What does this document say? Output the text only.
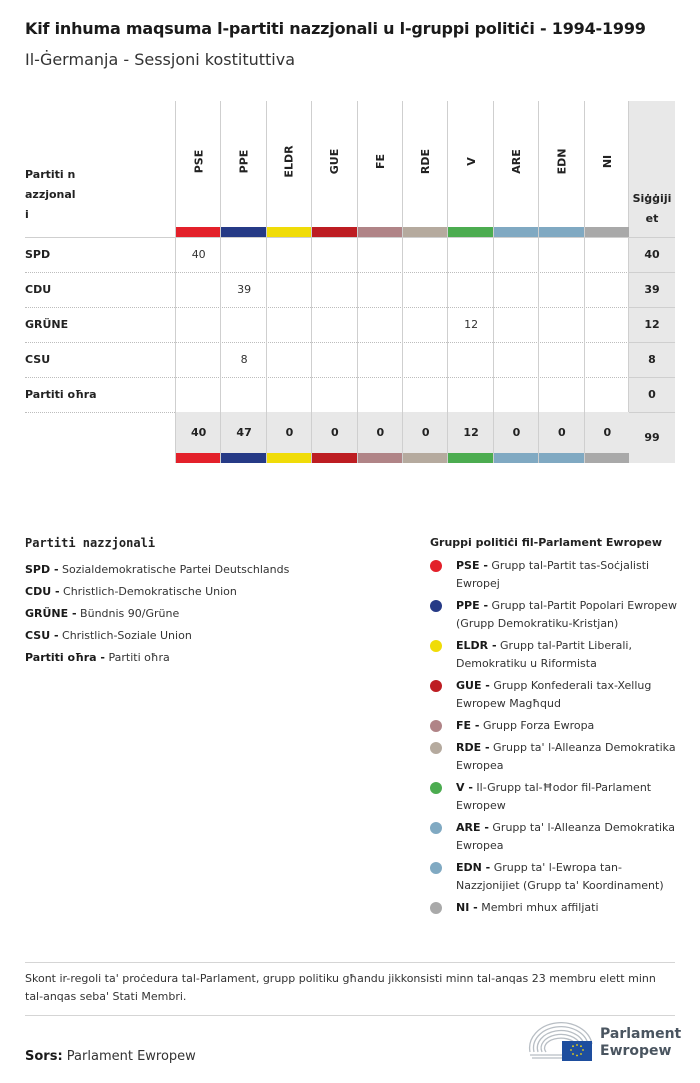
Kif inhuma maqsuma l-partiti nazzjonali u l-gruppi politiċi - 1994-1999
Il-Ġermanja - Sessjoni kostituttiva
Partiti nazzjonali
SPD
CDU
GRÜNE
CSU
Partiti oħra
PSE
40
40
PPE
39
8
47
ELDR
0
GUE
0
FE
0
RDE
0
V
12
12
ARE
0
EDN
0
NI
0
Siġġijiet
40
39
12
8
0
99
Partiti nazzjonali
SPD - Sozialdemokratische Partei Deutschlands
CDU - Christlich-Demokratische Union
GRÜNE - Bündnis 90/Grüne
CSU - Christlich-Soziale Union
Partiti oħra - Partiti oħra
Gruppi politiċi fil-Parlament Ewropew
PSE - Grupp tal-Partit tas-Soċjalisti Ewropej
PPE - Grupp tal-Partit Popolari Ewropew (Grupp Demokratiku-Kristjan)
ELDR - Grupp tal-Partit Liberali, Demokratiku u Riformista
GUE - Grupp Konfederali tax-Xellug Ewropew Magħqud
FE - Grupp Forza Ewropa
RDE - Grupp ta' l-Alleanza Demokratika Ewropea
V - Il-Grupp tal-Ħodor fil-Parlament Ewropew
ARE - Grupp ta' l-Alleanza Demokratika Ewropea
EDN - Grupp ta' l-Ewropa tan-Nazzjonijiet (Grupp ta' Koordinament)
NI - Membri mhux affiljati
Skont ir-regoli ta' proċedura tal-Parlament, grupp politiku għandu jikkonsisti minn tal-anqas 23 membru elett minn tal-anqas seba' Stati Membri.
Sors: Parlament Ewropew
Parlament
Ewropew
